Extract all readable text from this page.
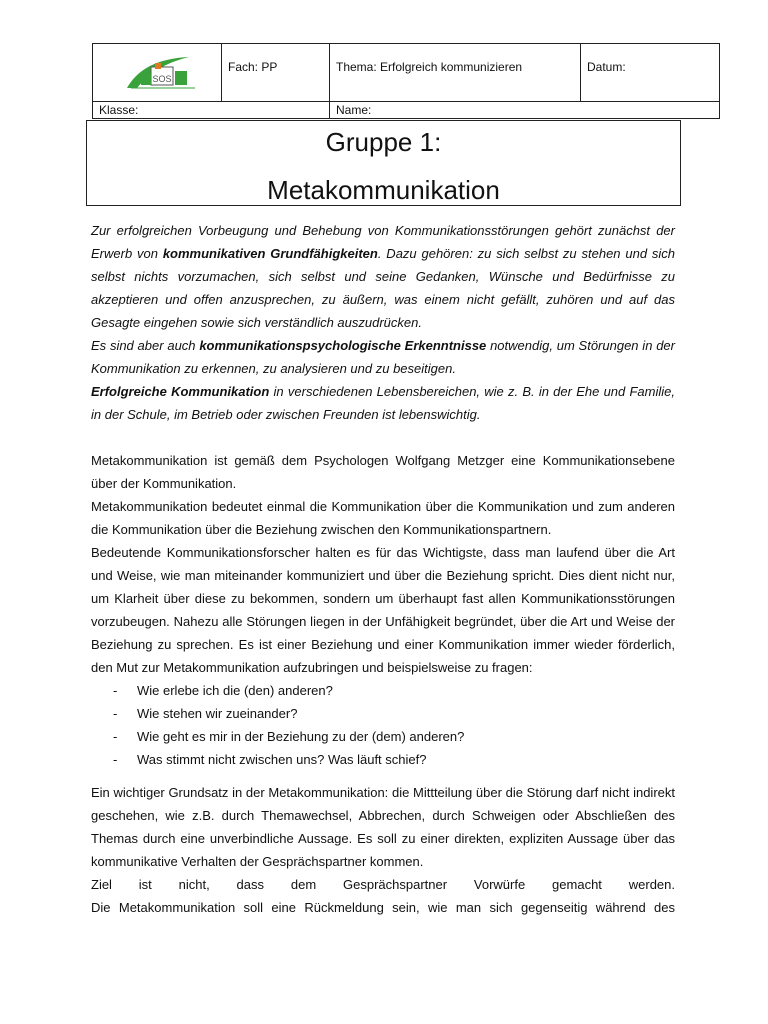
SOS	Fach: PP	Thema: Erfolgreich kommunizieren	Datum:
Klasse:		Name:	
Gruppe 1:
Metakommunikation

Zur erfolgreichen Vorbeugung und Behebung von Kommunikationsstörungen gehört zunächst der Erwerb von kommunikativen Grundfähigkeiten. Dazu gehören: zu sich selbst zu stehen und sich selbst nichts vorzumachen, sich selbst und seine Gedanken, Wünsche und Bedürfnisse zu akzeptieren und offen anzusprechen, zu äußern, was einem nicht gefällt, zuhören und auf das Gesagte eingehen sowie sich verständlich auszudrücken.

Es sind aber auch kommunikationspsychologische Erkenntnisse notwendig, um Störungen in der Kommunikation zu erkennen, zu analysieren und zu beseitigen.

Erfolgreiche Kommunikation in verschiedenen Lebensbereichen, wie z. B. in der Ehe und Familie, in der Schule, im Betrieb oder zwischen Freunden ist lebenswichtig.

Metakommunikation ist gemäß dem Psychologen Wolfgang Metzger eine Kommunikationsebene über der Kommunikation.

Metakommunikation bedeutet einmal die Kommunikation über die Kommunikation und zum anderen die Kommunikation über die Beziehung zwischen den Kommunikationspartnern.

Bedeutende Kommunikationsforscher halten es für das Wichtigste, dass man laufend über die Art und Weise, wie man miteinander kommuniziert und über die Beziehung spricht. Dies dient nicht nur, um Klarheit über diese zu bekommen, sondern um überhaupt fast allen Kommunikationsstörungen vorzubeugen. Nahezu alle Störungen liegen in der Unfähigkeit begründet, über die Art und Weise der Beziehung zu sprechen. Es ist einer Beziehung und einer Kommunikation immer wieder förderlich, den Mut zur Metakommunikation aufzubringen und beispielsweise zu fragen:

- Wie erlebe ich die (den) anderen?
- Wie stehen wir zueinander?
- Wie geht es mir in der Beziehung zu der (dem) anderen?
- Was stimmt nicht zwischen uns? Was läuft schief?

Ein wichtiger Grundsatz in der Metakommunikation: die Mittteilung über die Störung darf nicht indirekt geschehen, wie z.B. durch Themawechsel, Abbrechen, durch Schweigen oder Abschließen des Themas durch eine unverbindliche Aussage. Es soll zu einer direkten, expliziten Aussage über das kommunikative Verhalten der Gesprächspartner kommen.

Ziel ist nicht, dass dem Gesprächspartner Vorwürfe gemacht werden.

Die Metakommunikation soll eine Rückmeldung sein, wie man sich gegenseitig während des
